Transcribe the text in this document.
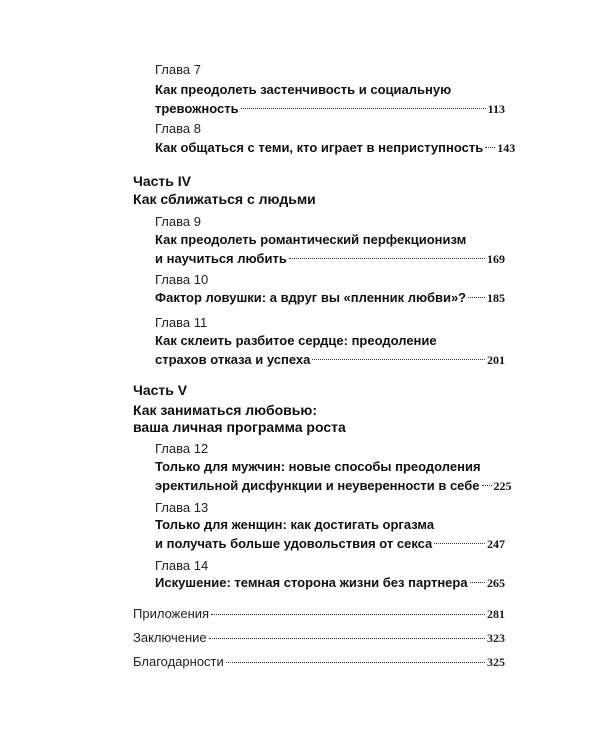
Глава 7
Как преодолеть застенчивость и социальную
тревожность	113
Глава 8
Как общаться с теми, кто играет в неприступность 143
Часть IV
Как сближаться с людьми
Глава 9
Как преодолеть романтический перфекционизм
и научиться любить	169
Глава 10
Фактор ловушки: а вдруг вы «пленник любви»? 185
Глава 11
Как склеить разбитое сердце: преодоление
страхов отказа и успеха	201
Часть V
Как заниматься любовью:
ваша личная программа роста
Глава 12
Только для мужчин: новые способы преодоления
эректильной дисфункции и неуверенности в себе 225
Глава 13
Только для женщин: как достигать оргазма
и получать больше удовольствия от секса	247
Глава 14
Искушение: темная сторона жизни без партнера 265
Приложения	281
Заключение	323
Благодарности	325
